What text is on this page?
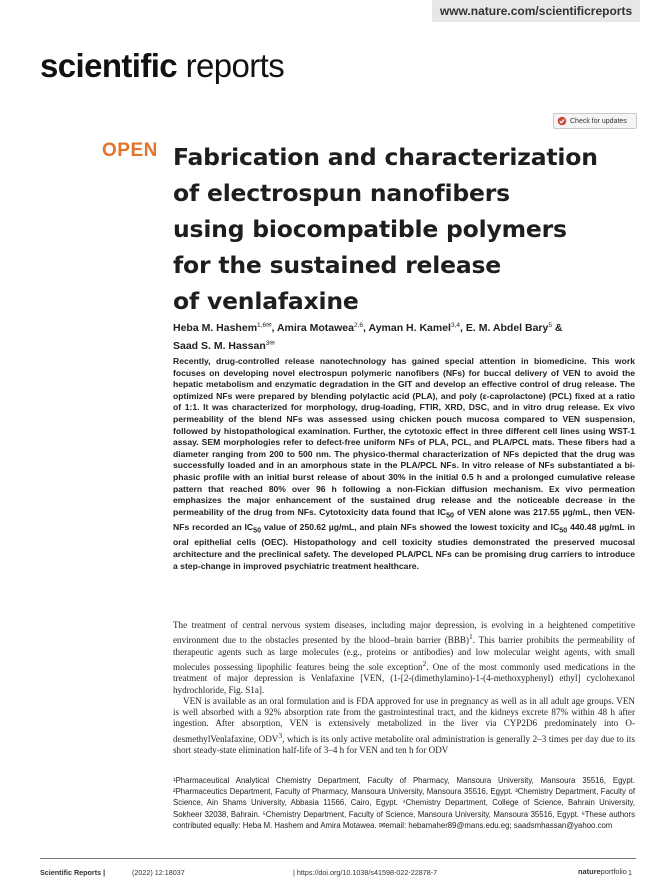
www.nature.com/scientificreports
scientific reports
Check for updates
OPEN Fabrication and characterization
of electrospun nanofibers
using biocompatible polymers
for the sustained release
of venlafaxine
Heba M. Hashem$^{1,6✉}$, Amira Motawea$^{2,6}$, Ayman H. Kamel$^{3,4}$, E. M. Abdel Bary$^5$ &
Saad S. M. Hassan$^{3✉}$

Recently, drug-controlled release nanotechnology has gained special attention in biomedicine. This work focuses on developing novel electrospun polymeric nanofibers (NFs) for buccal delivery of VEN to avoid the hepatic metabolism and enzymatic degradation in the GIT and develop an effective control of drug release. The optimized NFs were prepared by blending polylactic acid (PLA), and poly (ε-caprolactone) (PCL) fixed at a ratio of 1:1. It was characterized for morphology, drug-loading, FTIR, XRD, DSC, and in vitro drug release. Ex vivo permeability of the blend NFs was assessed using chicken pouch mucosa compared to VEN suspension, followed by histopathological examination. Further, the cytotoxic effect in three different cell lines using WST-1 assay. SEM morphologies refer to defect-free uniform NFs of PLA, PCL, and PLA/PCL mats. These fibers had a diameter ranging from 200 to 500 nm. The physico-thermal characterization of NFs depicted that the drug was successfully loaded and in an amorphous state in the PLA/PCL NFs. In vitro release of NFs substantiated a bi-phasic profile with an initial burst release of about 30% in the initial 0.5 h and a prolonged cumulative release pattern that reached 80% over 96 h following a non-Fickian diffusion mechanism. Ex vivo permeation emphasizes the major enhancement of the sustained drug release and the noticeable decrease in the permeability of the drug from NFs. Cytotoxicity data found that $IC_{50}$ of VEN alone was 217.55 µg/mL, then VEN-NFs recorded an $IC_{50}$ value of 250.62 µg/mL, and plain NFs showed the lowest toxicity and $IC_{50}$ 440.48 µg/mL in oral epithelial cells (OEC). Histopathology and cell toxicity studies demonstrated the preserved mucosal architecture and the preclinical safety. The developed PLA/PCL NFs can be promising drug carriers to introduce a step-change in improved psychiatric treatment healthcare.

The treatment of central nervous system diseases, including major depression, is evolving in a heightened competitive environment due to the obstacles presented by the blood–brain barrier (BBB)$^1$. This barrier prohibits the permeability of therapeutic agents such as large molecules (e.g., proteins or antibodies) and low molecular weight agents, with small molecules possessing lipophilic features being the sole exception$^2$. One of the most commonly used medications in the treatment of major depression is Venlafaxine [VEN, (1-[2-(dimethylamino)-1-(4-methoxyphenyl) ethyl] cyclohexanol hydrochloride, Fig. S1a].

VEN is available as an oral formulation and is FDA approved for use in pregnancy as well as in all adult age groups. VEN is well absorbed with a 92% absorption rate from the gastrointestinal tract, and the kidneys excrete 87% within 48 h after ingestion. After absorption, VEN is extensively metabolized in the liver via CYP2D6 predominately into O-desmethylVenlafaxine, ODV$^3$, which is its only active metabolite oral administration is generally 2–3 times per day due to its short steady-state elimination half-life of 3–4 h for VEN and ten h for ODV

¹Pharmaceutical Analytical Chemistry Department, Faculty of Pharmacy, Mansoura University, Mansoura 35516, Egypt. ²Pharmaceutics Department, Faculty of Pharmacy, Mansoura University, Mansoura 35516, Egypt. ³Chemistry Department, Faculty of Science, Ain Shams University, Abbasia 11566, Cairo, Egypt. ⁴Chemistry Department, College of Science, Bahrain University, Sokheer 32038, Bahrain. ⁵Chemistry Department, Faculty of Science, Mansoura University, Mansoura 35516, Egypt. ⁶These authors contributed equally: Heba M. Hashem and Amira Motawea. ✉email: hebamaher89@mans.edu.eg; saadsmhassan@yahoo.com
Scientific Reports |	(2022) 12:18037	| https://doi.org/10.1038/s41598-022-22878-7	natureportfolio 1
